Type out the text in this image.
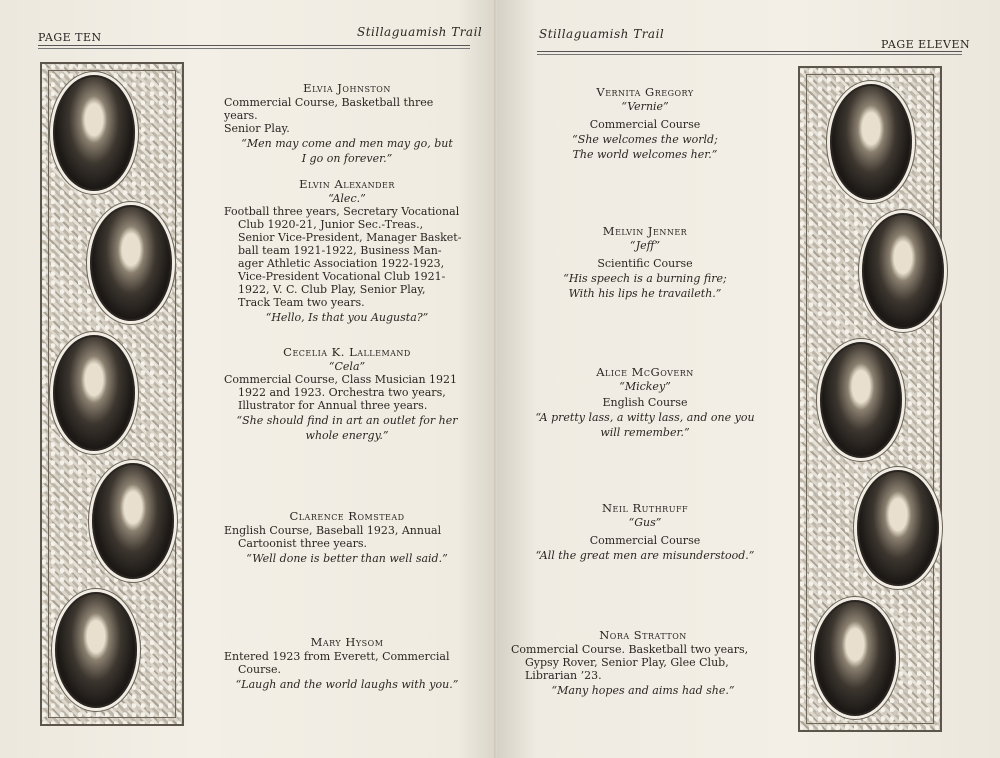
PAGE TEN	Stillaguamish Trail
Elvia Johnston
Commercial Course, Basketball three years.
Senior Play.
“Men may come and men may go, but
I go on forever.”
Elvin Alexander
“Alec.”
Football three years, Secretary Vocational
Club 1920-21, Junior Sec.-Treas.,
Senior Vice-President, Manager Basket-
ball team 1921-1922, Business Man-
ager Athletic Association 1922-1923,
Vice-President Vocational Club 1921-
1922, V. C. Club Play, Senior Play,
Track Team two years.
“Hello, Is that you Augusta?”
Cecelia K. Lallemand
“Cela”
Commercial Course, Class Musician 1921
1922 and 1923. Orchestra two years,
Illustrator for Annual three years.
“She should find in art an outlet for her
whole energy.”
Clarence Romstead
English Course, Baseball 1923, Annual
Cartoonist three years.
“Well done is better than well said.”
Mary Hysom
Entered 1923 from Everett, Commercial
Course.
“Laugh and the world laughs with you.”
Stillaguamish Trail
PAGE ELEVEN
Vernita Gregory
“Vernie”
Commercial Course
“She welcomes the world;
The world welcomes her.”
Melvin Jenner
“Jeff”
Scientific Course
“His speech is a burning fire;
With his lips he travaileth.”
Alice McGovern
“Mickey”
English Course
“A pretty lass, a witty lass, and one you
will remember.”
Neil Ruthruff
“Gus”
Commercial Course
“All the great men are misunderstood.”
Nora Stratton
Commercial Course. Basketball two years,
Gypsy Rover, Senior Play, Glee Club,
Librarian ’23.
“Many hopes and aims had she.”
